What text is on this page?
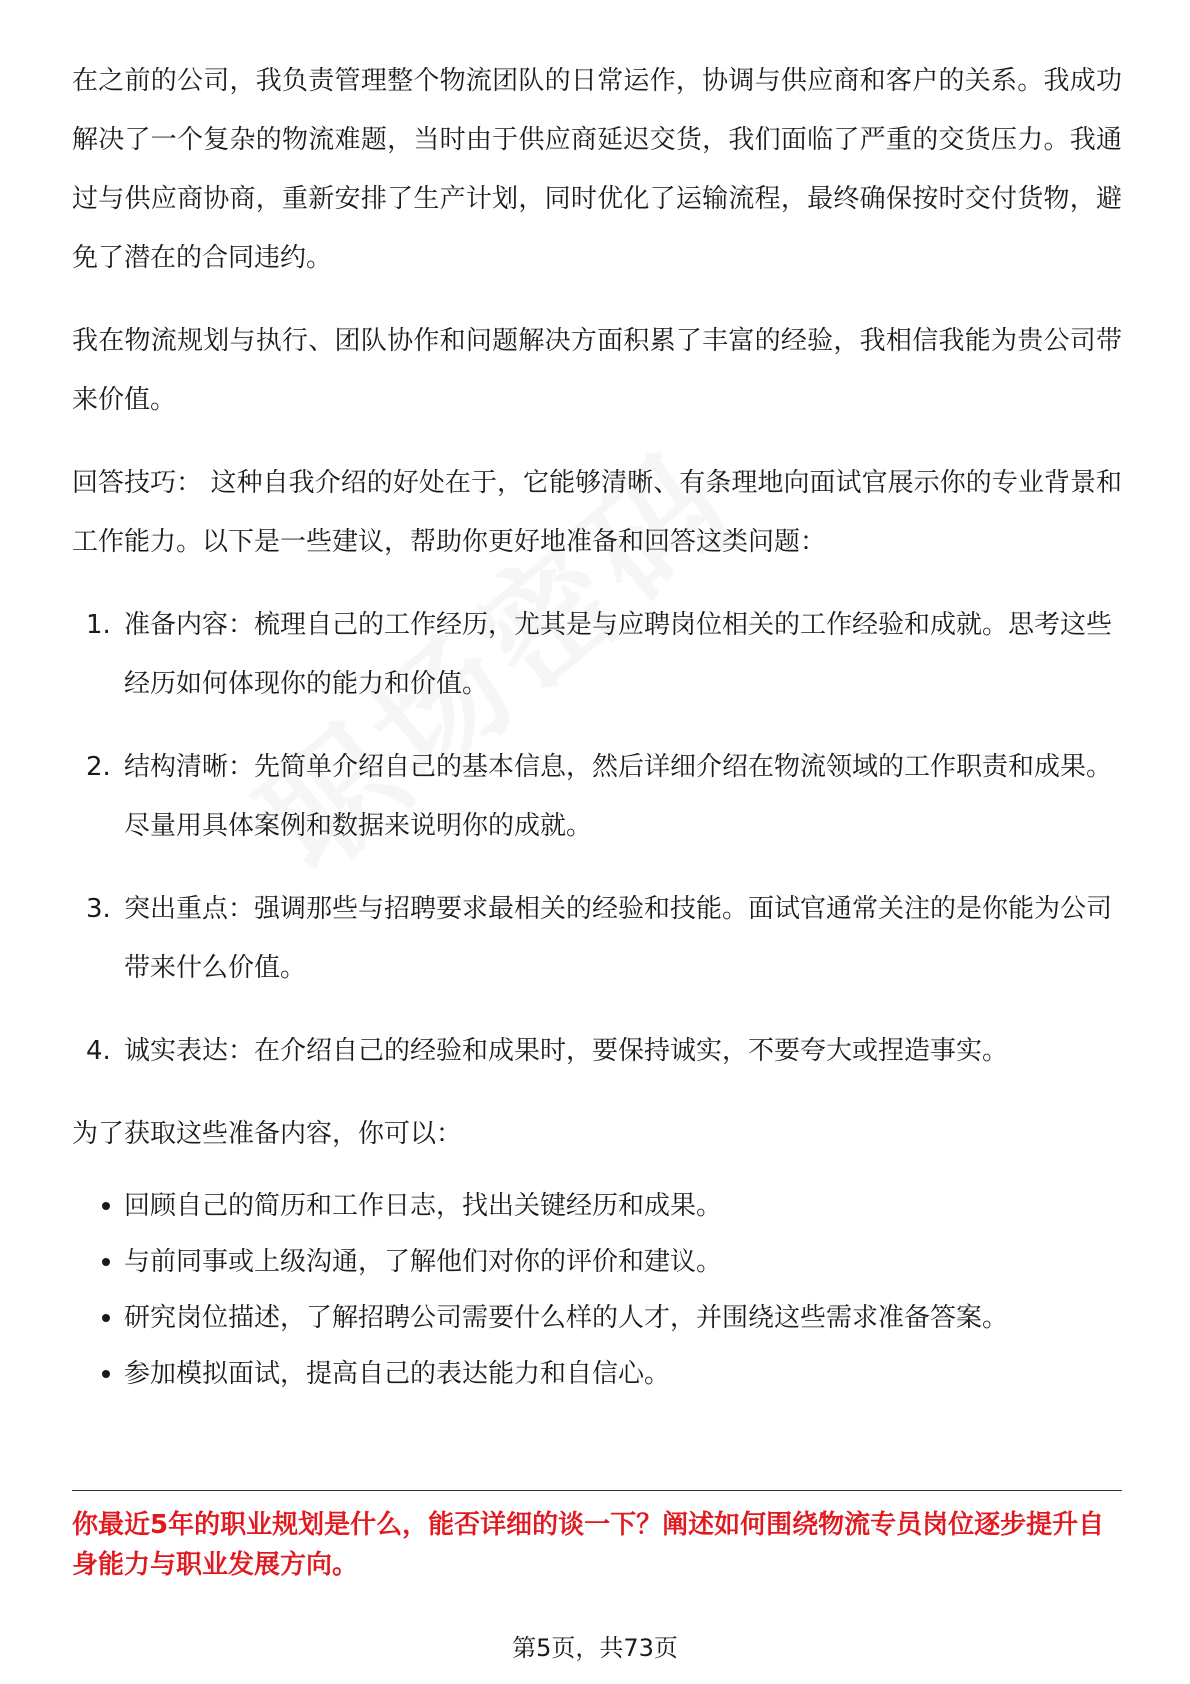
在之前的公司，我负责管理整个物流团队的日常运作，协调与供应商和客户的关系。我成功解决了一个复杂的物流难题，当时由于供应商延迟交货，我们面临了严重的交货压力。我通过与供应商协商，重新安排了生产计划，同时优化了运输流程，最终确保按时交付货物，避免了潜在的合同违约。

我在物流规划与执行、团队协作和问题解决方面积累了丰富的经验，我相信我能为贵公司带来价值。

回答技巧： 这种自我介绍的好处在于，它能够清晰、有条理地向面试官展示你的专业背景和工作能力。以下是一些建议，帮助你更好地准备和回答这类问题：

1. 准备内容：梳理自己的工作经历，尤其是与应聘岗位相关的工作经验和成就。思考这些经历如何体现你的能力和价值。
2. 结构清晰：先简单介绍自己的基本信息，然后详细介绍在物流领域的工作职责和成果。尽量用具体案例和数据来说明你的成就。
3. 突出重点：强调那些与招聘要求最相关的经验和技能。面试官通常关注的是你能为公司带来什么价值。
4. 诚实表达：在介绍自己的经验和成果时，要保持诚实，不要夸大或捏造事实。

为了获取这些准备内容，你可以：

回顾自己的简历和工作日志，找出关键经历和成果。
与前同事或上级沟通，了解他们对你的评价和建议。
研究岗位描述，了解招聘公司需要什么样的人才，并围绕这些需求准备答案。
参加模拟面试，提高自己的表达能力和自信心。
你最近5年的职业规划是什么，能否详细的谈一下？阐述如何围绕物流专员岗位逐步提升自身能力与职业发展方向。
第5页，共73页
